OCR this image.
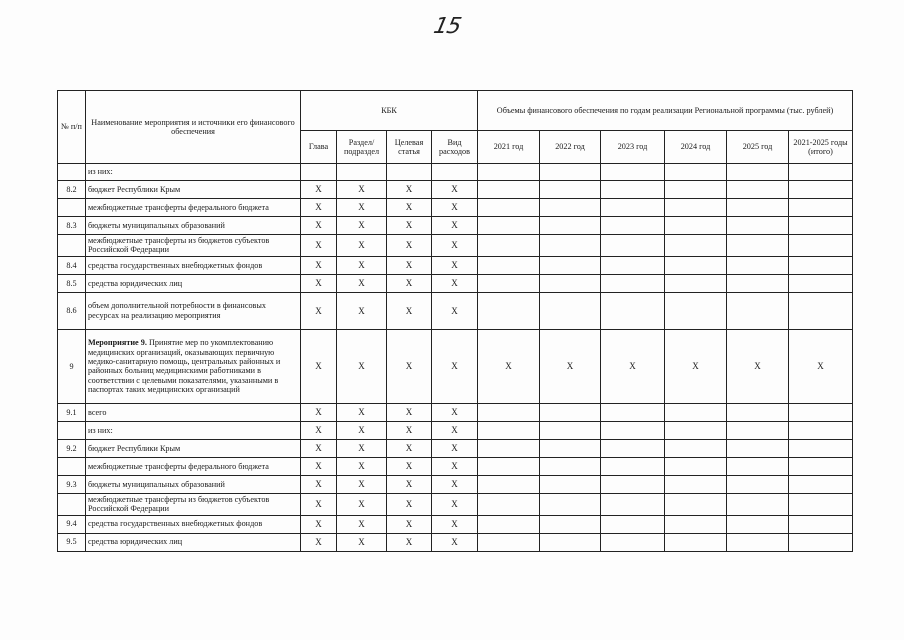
15
№ п/п	Наименование мероприятия и источники его финансового обеспечения	КБК				Объемы финансового обеспечения по годам реализации Региональной программы (тыс. рублей)					
		Глава	Раздел/ подраздел	Целевая статья	Вид расходов	2021 год	2022 год	2023 год	2024 год	2025 год	2021-2025 годы (итого)
	из них:										
8.2	бюджет Республики Крым	X	X	X	X						
	межбюджетные трансферты федерального бюджета	X	X	X	X						
8.3	бюджеты муниципальных образований	X	X	X	X						
	межбюджетные трансферты из бюджетов субъектов Российской Федерации	X	X	X	X						
8.4	средства государственных внебюджетных фондов	X	X	X	X						
8.5	средства юридических лиц	X	X	X	X						
8.6	объем дополнительной потребности в финансовых ресурсах на реализацию мероприятия	X	X	X	X						
9	Мероприятие 9. Принятие мер по укомплектованию медицинских организаций, оказывающих первичную медико-санитарную помощь, центральных районных и районных больниц медицинскими работниками в соответствии с целевыми показателями, указанными в паспортах таких медицинских организаций	X	X	X	X	X	X	X	X	X	X
9.1	всего	X	X	X	X						
	из них:	X	X	X	X						
9.2	бюджет Республики Крым	X	X	X	X						
	межбюджетные трансферты федерального бюджета	X	X	X	X						
9.3	бюджеты муниципальных образований	X	X	X	X						
	межбюджетные трансферты из бюджетов субъектов Российской Федерации	X	X	X	X						
9.4	средства государственных внебюджетных фондов	X	X	X	X						
9.5	средства юридических лиц	X	X	X	X						
